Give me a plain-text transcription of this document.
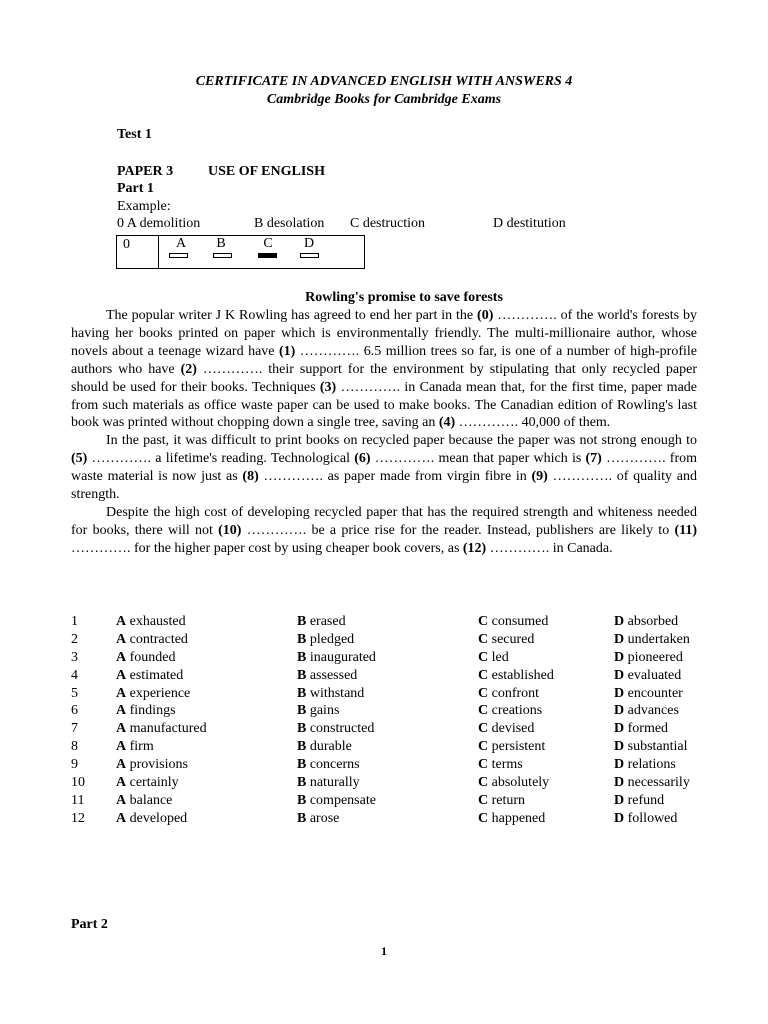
CERTIFICATE IN ADVANCED ENGLISH WITH ANSWERS 4
Cambridge Books for Cambridge Exams
Test 1
PAPER 3 USE OF ENGLISH
Part 1
Example:
0 A demolition	B desolation C destruction	D destitution
0	A	B	C	D
Rowling's promise to save forests

The popular writer J K Rowling has agreed to end her part in the (0) …………. of the world's forests by having her books printed on paper which is environmentally friendly. The multi-millionaire author, whose novels about a teenage wizard have (1) …………. 6.5 million trees so far, is one of a number of high-profile authors who have (2) …………. their support for the environment by stipulating that only recycled paper should be used for their books. Techniques (3) …………. in Canada mean that, for the first time, paper made from such materials as office waste paper can be used to make books. The Canadian edition of Rowling's last book was printed without chopping down a single tree, saving an (4) …………. 40,000 of them.

In the past, it was difficult to print books on recycled paper because the paper was not strong enough to (5) …………. a lifetime's reading. Technological (6) …………. mean that paper which is (7) …………. from waste material is now just as (8) …………. as paper made from virgin fibre in (9) …………. of quality and strength.

Despite the high cost of developing recycled paper that has the required strength and whiteness needed for books, there will not (10) …………. be a price rise for the reader. Instead, publishers are likely to (11) …………. for the higher paper cost by using cheaper book covers, as (12) …………. in Canada.

1	A exhausted	B erased	C consumed	D absorbed
2	A contracted	B pledged	C secured	D undertaken
3	A founded	B inaugurated	C led	D pioneered
4	A estimated	B assessed	C established	D evaluated
5	A experience	B withstand	C confront	D encounter
6	A findings	B gains	C creations	D advances
7	A manufactured	B constructed	C devised	D formed
8	A firm	B durable	C persistent	D substantial
9	A provisions	B concerns	C terms	D relations
10 A certainly	B naturally	C absolutely	D necessarily
11 A balance	B compensate	C return	D refund
12 A developed	B arose	C happened	D followed
Part 2
1
